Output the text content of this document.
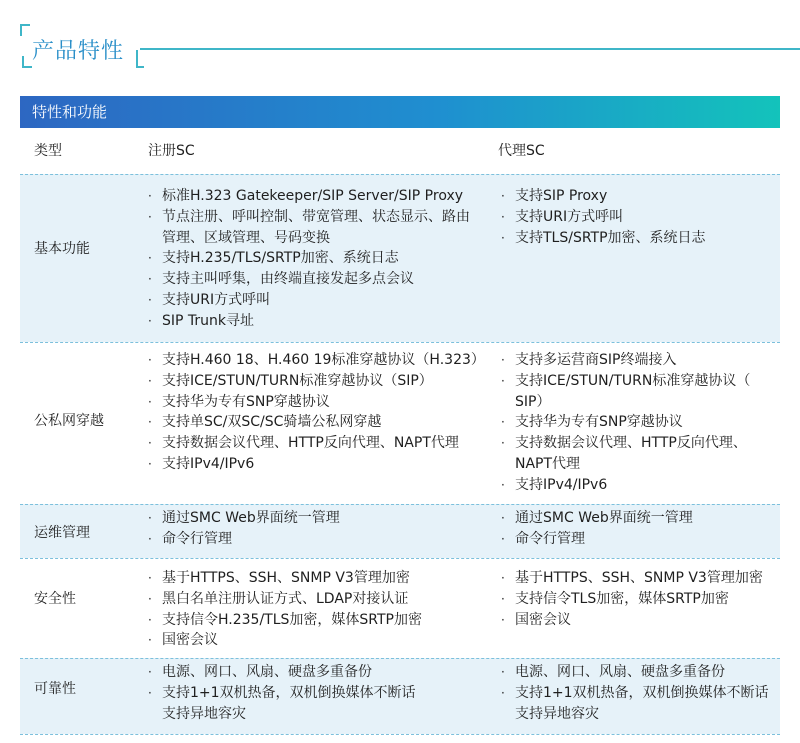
产品特性
特性和功能
类型	注册SC	代理SC
基本功能
· 标准H.323 Gatekeeper/SIP Server/SIP Proxy
· 节点注册、呼叫控制、带宽管理、状态显示、路由
管理、区域管理、号码变换
· 支持H.235/TLS/SRTP加密、系统日志
· 支持主叫呼集，由终端直接发起多点会议
· 支持URI方式呼叫
· SIP Trunk寻址
· 支持SIP Proxy
· 支持URI方式呼叫
· 支持TLS/SRTP加密、系统日志
公私网穿越
· 支持H.460 18、H.460 19标准穿越协议（H.323）
· 支持ICE/STUN/TURN标准穿越协议（SIP）
· 支持华为专有SNP穿越协议
· 支持单SC/双SC/SC骑墙公私网穿越
· 支持数据会议代理、HTTP反向代理、NAPT代理
· 支持IPv4/IPv6
· 支持多运营商SIP终端接入
· 支持ICE/STUN/TURN标准穿越协议（
SIP）
· 支持华为专有SNP穿越协议
· 支持数据会议代理、HTTP反向代理、
NAPT代理
· 支持IPv4/IPv6
运维管理
· 通过SMC Web界面统一管理
· 命令行管理
· 通过SMC Web界面统一管理
· 命令行管理
安全性
· 基于HTTPS、SSH、SNMP V3管理加密
· 黑白名单注册认证方式、LDAP对接认证
· 支持信令H.235/TLS加密，媒体SRTP加密
· 国密会议
· 基于HTTPS、SSH、SNMP V3管理加密
· 支持信令TLS加密，媒体SRTP加密
· 国密会议
可靠性
· 电源、网口、风扇、硬盘多重备份
· 支持1+1双机热备，双机倒换媒体不断话
支持异地容灾
· 电源、网口、风扇、硬盘多重备份
· 支持1+1双机热备，双机倒换媒体不断话
支持异地容灾
